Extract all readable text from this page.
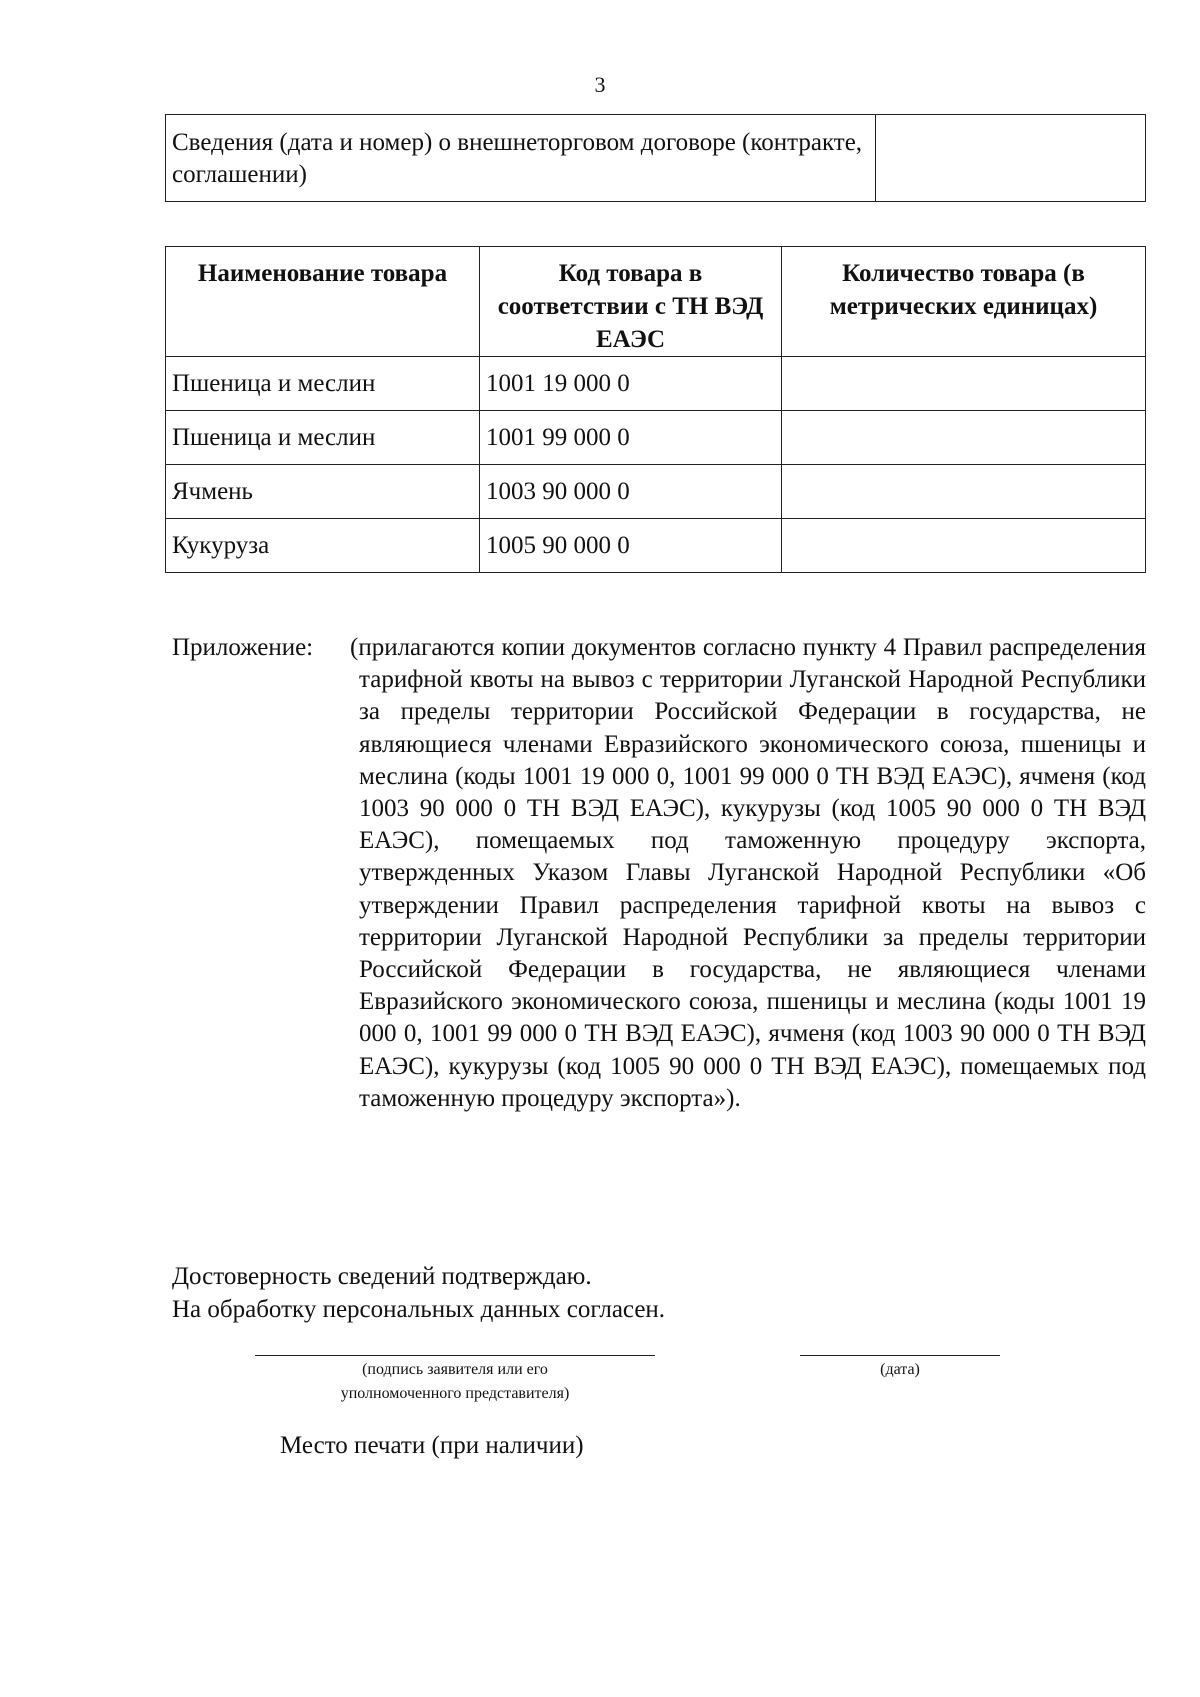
3
Сведения (дата и номер) о внешнеторговом договоре (контракте, соглашении)	
Наименование товара	Код товара в соответствии с ТН ВЭД ЕАЭС	Количество товара (в метрических единицах)
Пшеница и меслин	1001 19 000 0	
Пшеница и меслин	1001 99 000 0	
Ячмень	1003 90 000 0	
Кукуруза	1005 90 000 0	
Приложение: (прилагаются копии документов согласно пункту 4 Правил распределения тарифной квоты на вывоз с территории Луганской Народной Республики за пределы территории Российской Федерации в государства, не являющиеся членами Евразийского экономического союза, пшеницы и меслина (коды 1001 19 000 0, 1001 99 000 0 ТН ВЭД ЕАЭС), ячменя (код 1003 90 000 0 ТН ВЭД ЕАЭС), кукурузы (код 1005 90 000 0 ТН ВЭД ЕАЭС), помещаемых под таможенную процедуру экспорта, утвержденных Указом Главы Луганской Народной Республики «Об утверждении Правил распределения тарифной квоты на вывоз с территории Луганской Народной Республики за пределы территории Российской Федерации в государства, не являющиеся членами Евразийского экономического союза, пшеницы и меслина (коды 1001 19 000 0, 1001 99 000 0 ТН ВЭД ЕАЭС), ячменя (код 1003 90 000 0 ТН ВЭД ЕАЭС), кукурузы (код 1005 90 000 0 ТН ВЭД ЕАЭС), помещаемых под таможенную процедуру экспорта»).
Достоверность сведений подтверждаю.
На обработку персональных данных согласен.
(подпись заявителя или его
уполномоченного представителя)
(дата)
Место печати (при наличии)
